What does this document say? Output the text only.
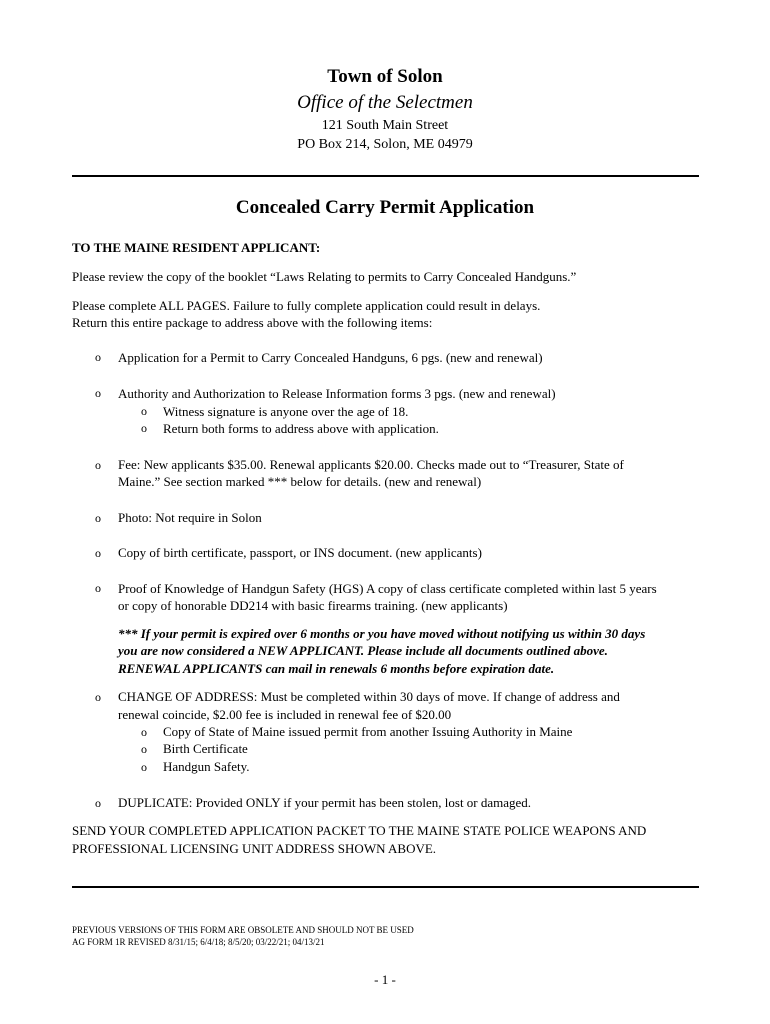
Town of Solon
Office of the Selectmen
121 South Main Street
PO Box 214, Solon, ME 04979
Concealed Carry Permit Application
TO THE MAINE RESIDENT APPLICANT:
Please review the copy of the booklet “Laws Relating to permits to Carry Concealed Handguns.”
Please complete ALL PAGES. Failure to fully complete application could result in delays.
Return this entire package to address above with the following items:
o Application for a Permit to Carry Concealed Handguns, 6 pgs. (new and renewal)
o Authority and Authorization to Release Information forms 3 pgs. (new and renewal)
o Witness signature is anyone over the age of 18.
o Return both forms to address above with application.
o Fee: New applicants $35.00. Renewal applicants $20.00. Checks made out to “Treasurer, State of
Maine.” See section marked *** below for details. (new and renewal)
o Photo: Not require in Solon
o Copy of birth certificate, passport, or INS document. (new applicants)
o Proof of Knowledge of Handgun Safety (HGS) A copy of class certificate completed within last 5 years
or copy of honorable DD214 with basic firearms training. (new applicants)
*** If your permit is expired over 6 months or you have moved without notifying us within 30 days
you are now considered a NEW APPLICANT. Please include all documents outlined above.
RENEWAL APPLICANTS can mail in renewals 6 months before expiration date.
o CHANGE OF ADDRESS: Must be completed within 30 days of move. If change of address and
renewal coincide, $2.00 fee is included in renewal fee of $20.00
o Copy of State of Maine issued permit from another Issuing Authority in Maine
o Birth Certificate
o Handgun Safety.
o DUPLICATE: Provided ONLY if your permit has been stolen, lost or damaged.
SEND YOUR COMPLETED APPLICATION PACKET TO THE MAINE STATE POLICE WEAPONS AND
PROFESSIONAL LICENSING UNIT ADDRESS SHOWN ABOVE.
PREVIOUS VERSIONS OF THIS FORM ARE OBSOLETE AND SHOULD NOT BE USED
AG FORM 1R REVISED 8/31/15; 6/4/18; 8/5/20; 03/22/21; 04/13/21
- 1 -
